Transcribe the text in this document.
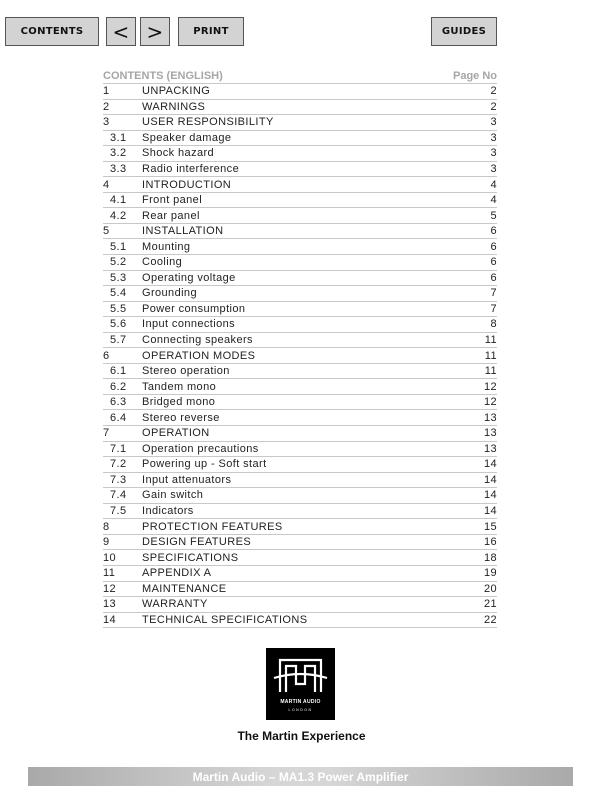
CONTENTS	< >	PRINT	GUIDES
CONTENTS (ENGLISH)	Page No
1	UNPACKING	2
2	WARNINGS	2
3	USER RESPONSIBILITY	3
3.1	Speaker damage	3
3.2	Shock hazard	3
3.3	Radio interference	3
4	INTRODUCTION	4
4.1	Front panel	4
4.2	Rear panel	5
5	INSTALLATION	6
5.1	Mounting	6
5.2	Cooling	6
5.3	Operating voltage	6
5.4	Grounding	7
5.5	Power consumption	7
5.6	Input connections	8
5.7	Connecting speakers	11
6	OPERATION MODES	11
6.1	Stereo operation	11
6.2	Tandem mono	12
6.3	Bridged mono	12
6.4	Stereo reverse	13
7	OPERATION	13
7.1	Operation precautions	13
7.2	Powering up - Soft start	14
7.3	Input attenuators	14
7.4	Gain switch	14
7.5	Indicators	14
8	PROTECTION FEATURES	15
9	DESIGN FEATURES	16
10	SPECIFICATIONS	18
11	APPENDIX A	19
12	MAINTENANCE	20
13	WARRANTY	21
14	TECHNICAL SPECIFICATIONS	22
MARTIN AUDIO
LONDON
The Martin Experience
Martin Audio – MA1.3 Power Amplifier
